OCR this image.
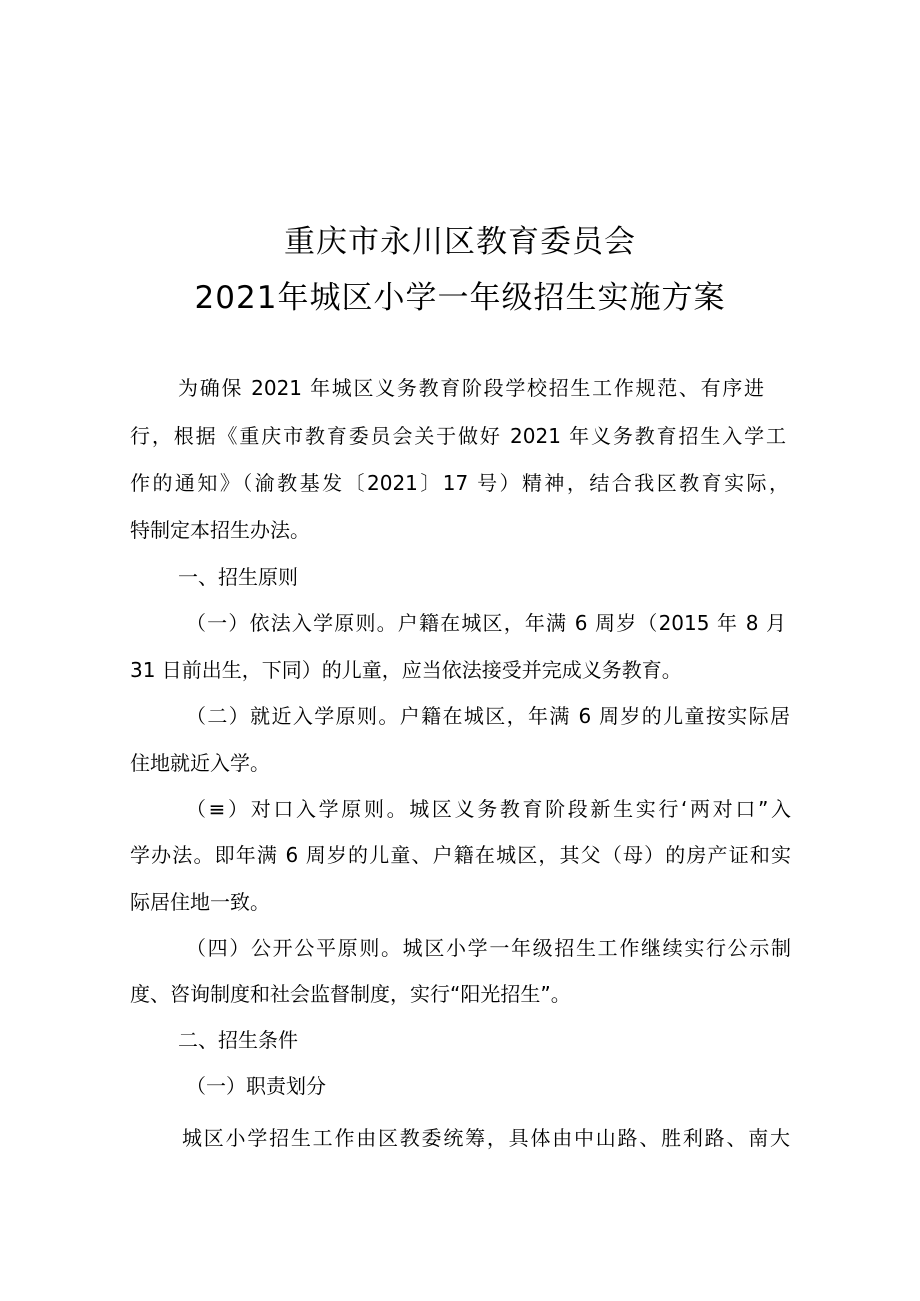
重庆市永川区教育委员会
2021年城区小学一年级招生实施方案

为确保 2021 年城区义务教育阶段学校招生工作规范、有序进

行，根据《重庆市教育委员会关于做好 2021 年义务教育招生入学工

作的通知》（渝教基发〔2021〕17 号）精神，结合我区教育实际，

特制定本招生办法。

一、招生原则

（一）依法入学原则。户籍在城区，年满 6 周岁（2015 年 8 月

31 日前出生，下同）的儿童，应当依法接受并完成义务教育。

（二）就近入学原则。户籍在城区，年满 6 周岁的儿童按实际居

住地就近入学。

（≡）对口入学原则。城区义务教育阶段新生实行‘两对口”入

学办法。即年满 6 周岁的儿童、户籍在城区，其父（母）的房产证和实

际居住地一致。

（四）公开公平原则。城区小学一年级招生工作继续实行公示制

度、咨询制度和社会监督制度，实行“阳光招生”。

二、招生条件

（一）职责划分

城区小学招生工作由区教委统筹，具体由中山路、胜利路、南大
